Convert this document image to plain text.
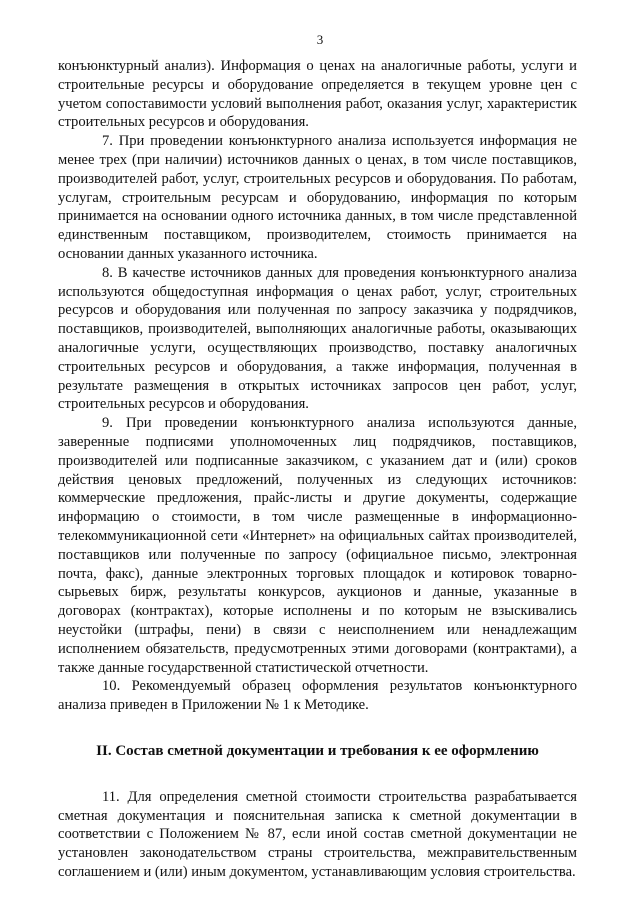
3

конъюнктурный анализ). Информация о ценах на аналогичные работы, услуги и строительные ресурсы и оборудование определяется в текущем уровне цен с учетом сопоставимости условий выполнения работ, оказания услуг, характеристик строительных ресурсов и оборудования.

7. При проведении конъюнктурного анализа используется информация не менее трех (при наличии) источников данных о ценах, в том числе поставщиков, производителей работ, услуг, строительных ресурсов и оборудования. По работам, услугам, строительным ресурсам и оборудованию, информация по которым принимается на основании одного источника данных, в том числе представленной единственным поставщиком, производителем, стоимость принимается на основании данных указанного источника.

8. В качестве источников данных для проведения конъюнктурного анализа используются общедоступная информация о ценах работ, услуг, строительных ресурсов и оборудования или полученная по запросу заказчика у подрядчиков, поставщиков, производителей, выполняющих аналогичные работы, оказывающих аналогичные услуги, осуществляющих производство, поставку аналогичных строительных ресурсов и оборудования, а также информация, полученная в результате размещения в открытых источниках запросов цен работ, услуг, строительных ресурсов и оборудования.

9. При проведении конъюнктурного анализа используются данные, заверенные подписями уполномоченных лиц подрядчиков, поставщиков, производителей или подписанные заказчиком, с указанием дат и (или) сроков действия ценовых предложений, полученных из следующих источников: коммерческие предложения, прайс-листы и другие документы, содержащие информацию о стоимости, в том числе размещенные в информационно-телекоммуникационной сети «Интернет» на официальных сайтах производителей, поставщиков или полученные по запросу (официальное письмо, электронная почта, факс), данные электронных торговых площадок и котировок товарно-сырьевых бирж, результаты конкурсов, аукционов и данные, указанные в договорах (контрактах), которые исполнены и по которым не взыскивались неустойки (штрафы, пени) в связи с неисполнением или ненадлежащим исполнением обязательств, предусмотренных этими договорами (контрактами), а также данные государственной статистической отчетности.

10. Рекомендуемый образец оформления результатов конъюнктурного анализа приведен в Приложении № 1 к Методике.

II. Состав сметной документации и требования к ее оформлению

11. Для определения сметной стоимости строительства разрабатывается сметная документация и пояснительная записка к сметной документации в соответствии с Положением № 87, если иной состав сметной документации не установлен законодательством страны строительства, межправительственным соглашением и (или) иным документом, устанавливающим условия строительства.
